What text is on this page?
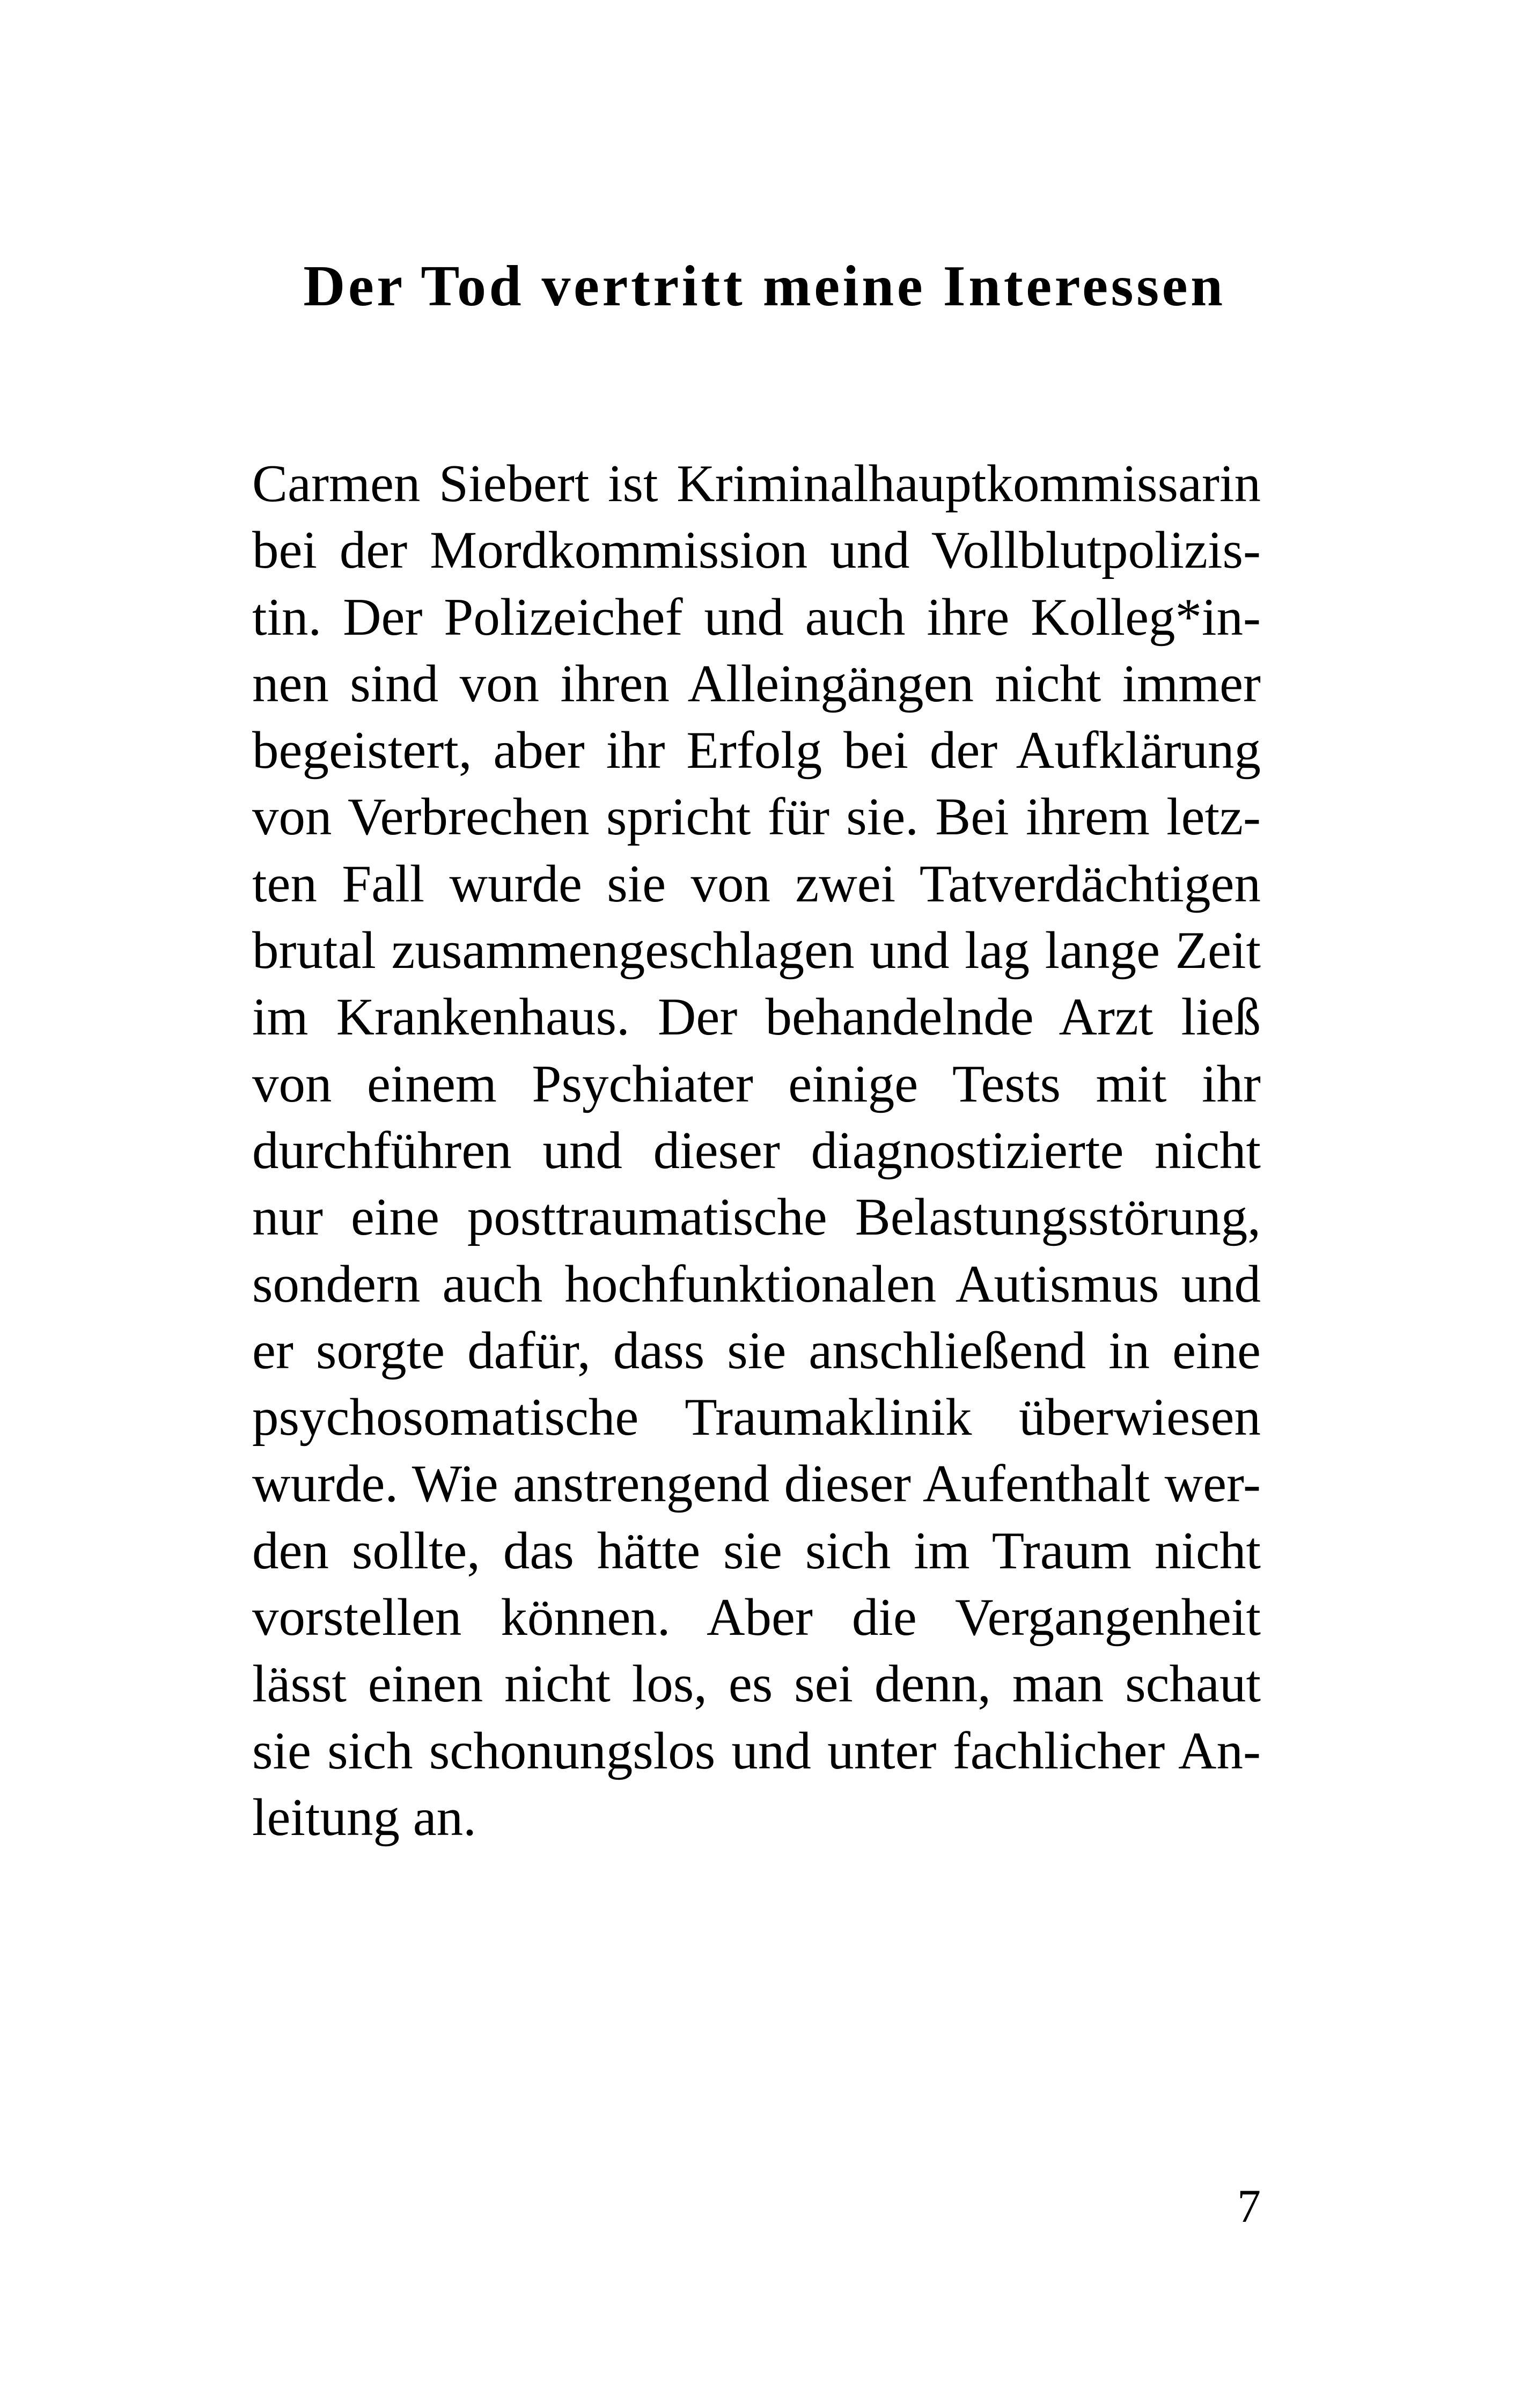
Der Tod vertritt meine Interessen
Carmen Siebert ist Kriminalhauptkommissarin
bei der Mordkommission und Vollblutpolizis-
tin. Der Polizeichef und auch ihre Kolleg*in-
nen sind von ihren Alleingängen nicht immer
begeistert, aber ihr Erfolg bei der Aufklärung
von Verbrechen spricht für sie. Bei ihrem letz-
ten Fall wurde sie von zwei Tatverdächtigen
brutal zusammengeschlagen und lag lange Zeit
im Krankenhaus. Der behandelnde Arzt ließ
von einem Psychiater einige Tests mit ihr
durchführen und dieser diagnostizierte nicht
nur eine posttraumatische Belastungsstörung,
sondern auch hochfunktionalen Autismus und
er sorgte dafür, dass sie anschließend in eine
psychosomatische Traumaklinik überwiesen
wurde. Wie anstrengend dieser Aufenthalt wer-
den sollte, das hätte sie sich im Traum nicht
vorstellen können. Aber die Vergangenheit
lässt einen nicht los, es sei denn, man schaut
sie sich schonungslos und unter fachlicher An-
leitung an.
7
